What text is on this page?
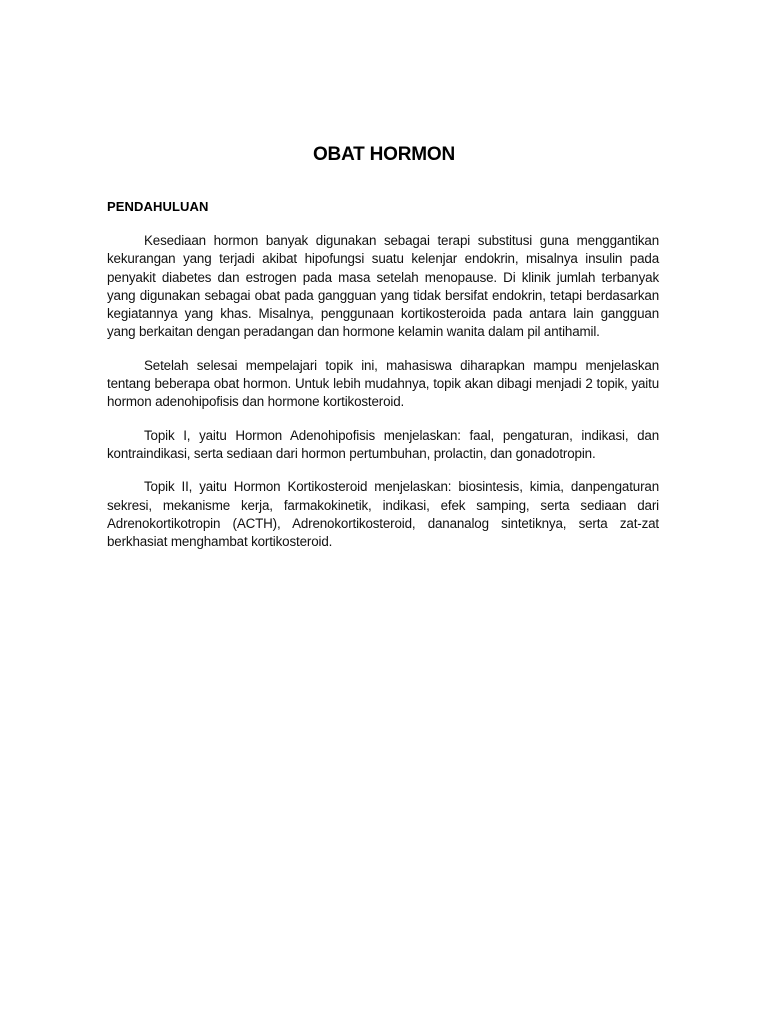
OBAT HORMON
PENDAHULUAN

Kesediaan hormon banyak digunakan sebagai terapi substitusi guna menggantikan kekurangan yang terjadi akibat hipofungsi suatu kelenjar endokrin, misalnya insulin pada penyakit diabetes dan estrogen pada masa setelah menopause. Di klinik jumlah terbanyak yang digunakan sebagai obat pada gangguan yang tidak bersifat endokrin, tetapi berdasarkan kegiatannya yang khas. Misalnya, penggunaan kortikosteroida pada antara lain gangguan yang berkaitan dengan peradangan dan hormone kelamin wanita dalam pil antihamil.

Setelah selesai mempelajari topik ini, mahasiswa diharapkan mampu menjelaskan tentang beberapa obat hormon. Untuk lebih mudahnya, topik akan dibagi menjadi 2 topik, yaitu hormon adenohipofisis dan hormone kortikosteroid.

Topik I, yaitu Hormon Adenohipofisis menjelaskan: faal, pengaturan, indikasi, dan kontraindikasi, serta sediaan dari hormon pertumbuhan, prolactin, dan gonadotropin.

Topik II, yaitu Hormon Kortikosteroid menjelaskan: biosintesis, kimia, danpengaturan sekresi, mekanisme kerja, farmakokinetik, indikasi, efek samping, serta sediaan dari Adrenokortikotropin (ACTH), Adrenokortikosteroid, dananalog sintetiknya, serta zat-zat berkhasiat menghambat kortikosteroid.
